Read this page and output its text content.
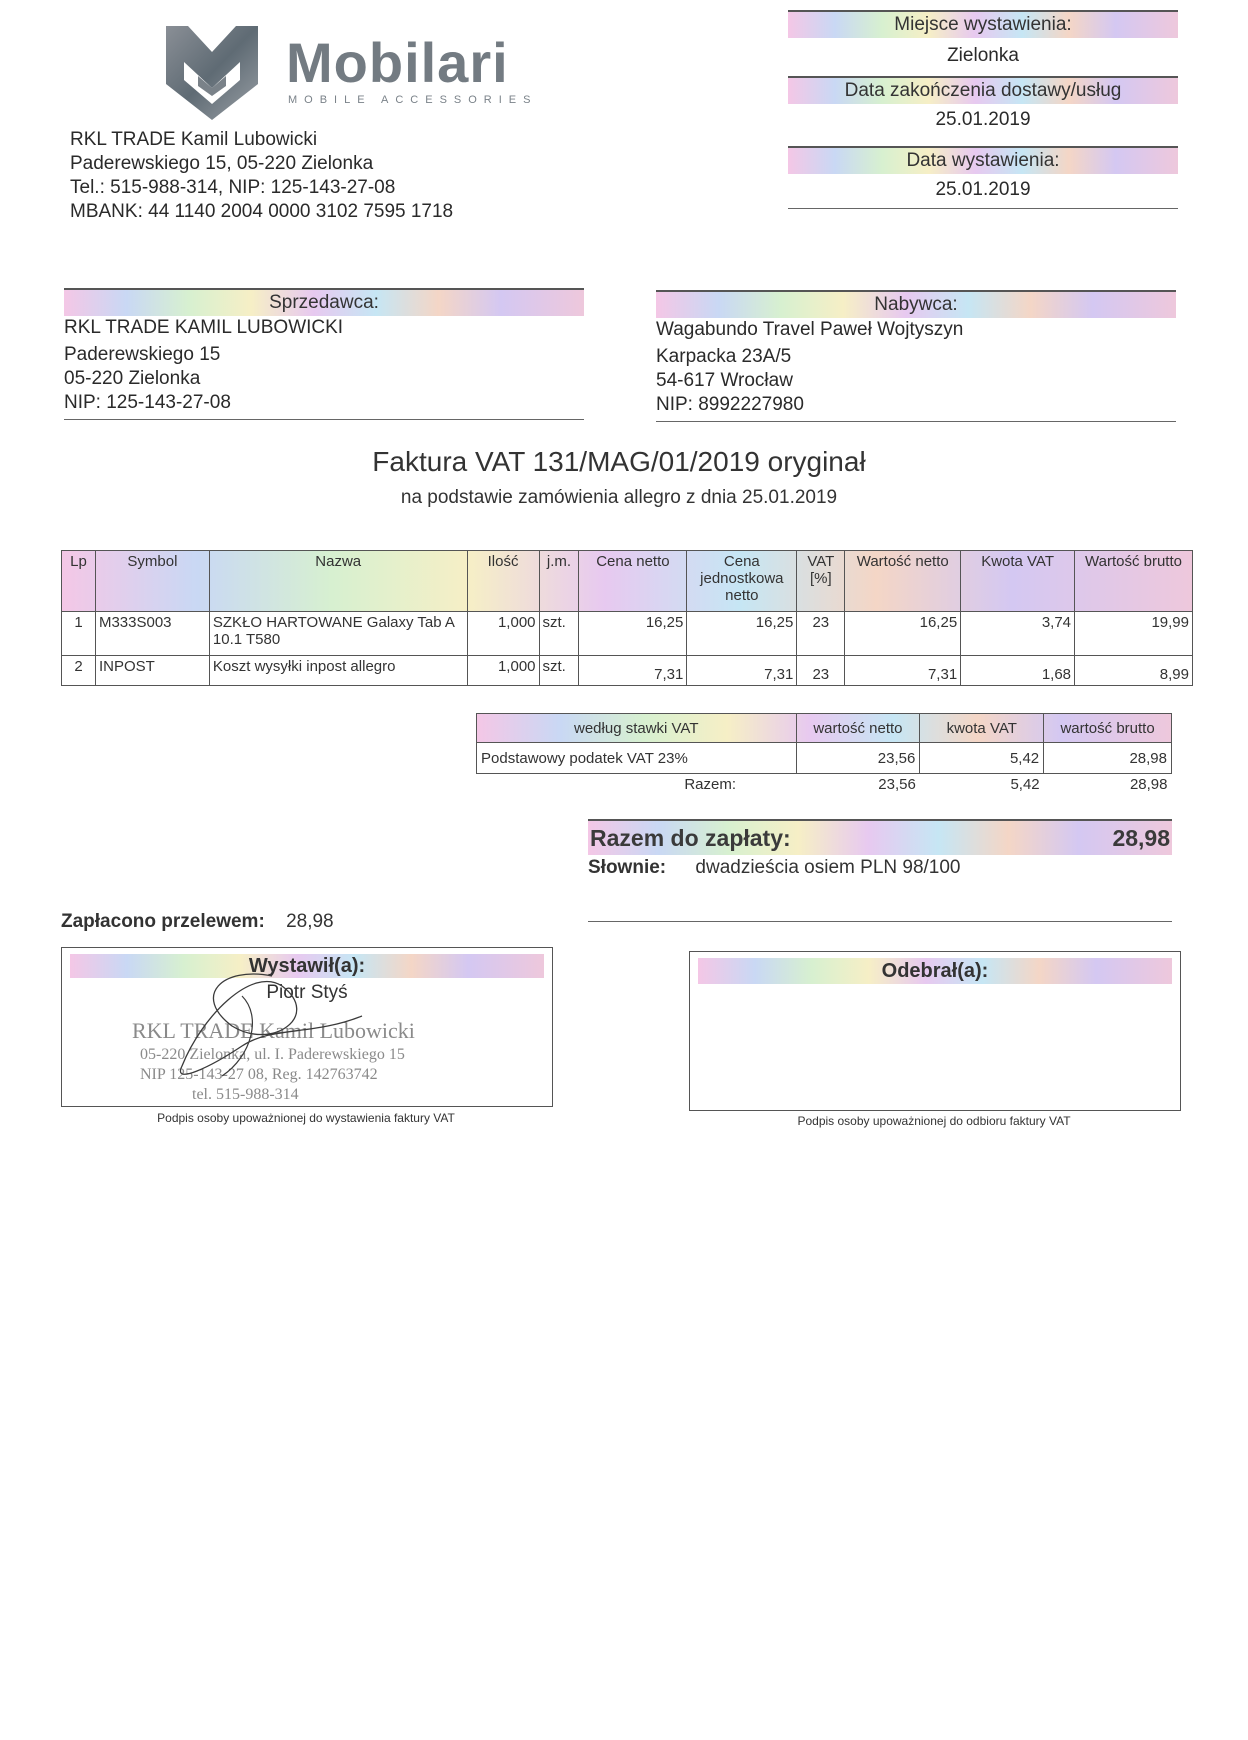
Mobilari
MOBILE ACCESSORIES
RKL TRADE Kamil Lubowicki
Paderewskiego 15, 05-220 Zielonka
Tel.: 515-988-314, NIP: 125-143-27-08
MBANK: 44 1140 2004 0000 3102 7595 1718
Miejsce wystawienia:
Zielonka
Data zakończenia dostawy/usług
25.01.2019
Data wystawienia:
25.01.2019
Sprzedawca:
RKL TRADE KAMIL LUBOWICKI
Paderewskiego 15
05-220 Zielonka
NIP: 125-143-27-08
Nabywca:
Wagabundo Travel Paweł Wojtyszyn
Karpacka 23A/5
54-617 Wrocław
NIP: 8992227980
Faktura VAT 131/MAG/01/2019 oryginał
na podstawie zamówienia allegro z dnia 25.01.2019
Lp	Symbol	Nazwa	Ilość	j.m.	Cena netto	Cena jednostkowa netto	VAT [%]	Wartość netto	Kwota VAT	Wartość brutto
1	M333S003	SZKŁO HARTOWANE Galaxy Tab A 10.1 T580	1,000	szt.	16,25	16,25	23	16,25	3,74	19,99
2	INPOST	Koszt wysyłki inpost allegro	1,000	szt.	7,31	7,31	23	7,31	1,68	8,99
według stawki VAT	wartość netto	kwota VAT	wartość brutto
Podstawowy podatek VAT 23%	23,56	5,42	28,98
Razem:	23,56	5,42	28,98
Razem do zapłaty:	28,98
Słownie: dwadzieścia osiem PLN 98/100
Zapłacono przelewem: 28,98
Wystawił(a):
Piotr Styś
RKL TRADE Kamil Lubowicki
05-220 Zielonka, ul. I. Paderewskiego 15
NIP 125-143-27 08, Reg. 142763742
tel. 515-988-314
Podpis osoby upoważnionej do wystawienia faktury VAT
Odebrał(a):
Podpis osoby upoważnionej do odbioru faktury VAT
